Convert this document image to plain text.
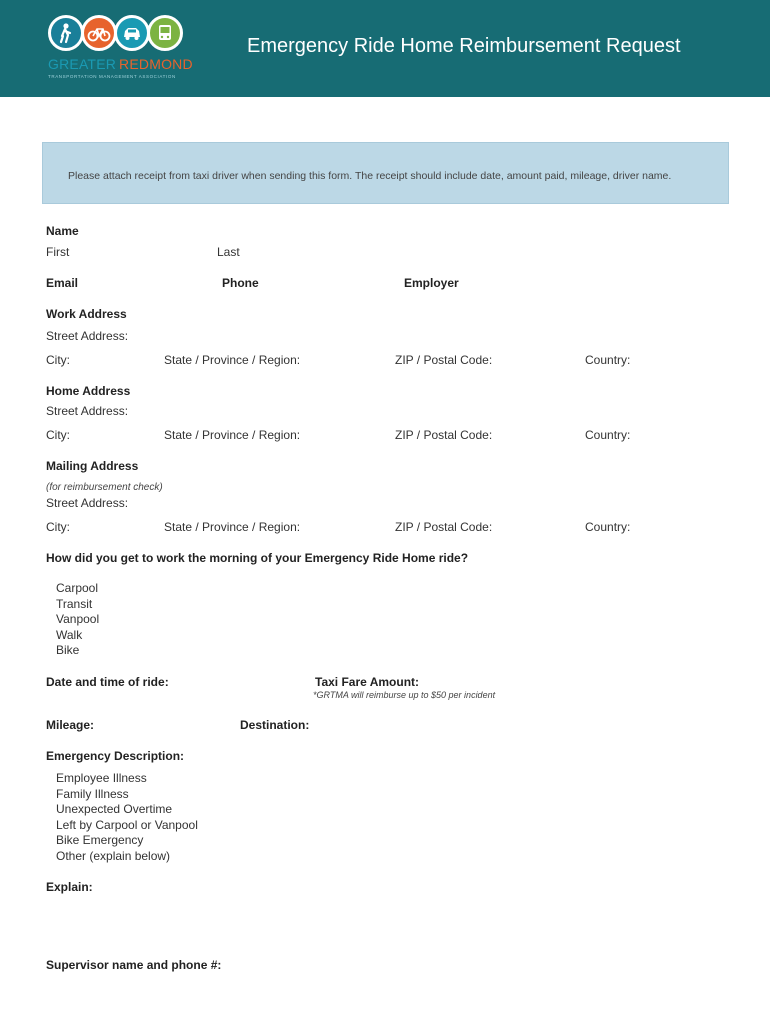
GREATER REDMOND
TRANSPORTATION MANAGEMENT ASSOCIATION
Emergency Ride Home Reimbursement Request
Please attach receipt from taxi driver when sending this form. The receipt should include date, amount paid, mileage, driver name.
Name
First	Last
Email	Phone	Employer
Work Address
Street Address:
City:	State / Province / Region:	ZIP / Postal Code:	Country:
Home Address
Street Address:
City:	State / Province / Region:	ZIP / Postal Code:	Country:
Mailing Address
(for reimbursement check)
Street Address:
City:	State / Province / Region:	ZIP / Postal Code:	Country:
How did you get to work the morning of your Emergency Ride Home ride?
Carpool
Transit
Vanpool
Walk
Bike
Date and time of ride:	Taxi Fare Amount:
*GRTMA will reimburse up to $50 per incident
Mileage:	Destination:
Emergency Description:
Employee Illness
Family Illness
Unexpected Overtime
Left by Carpool or Vanpool
Bike Emergency
Other (explain below)
Explain:
Supervisor name and phone #:
